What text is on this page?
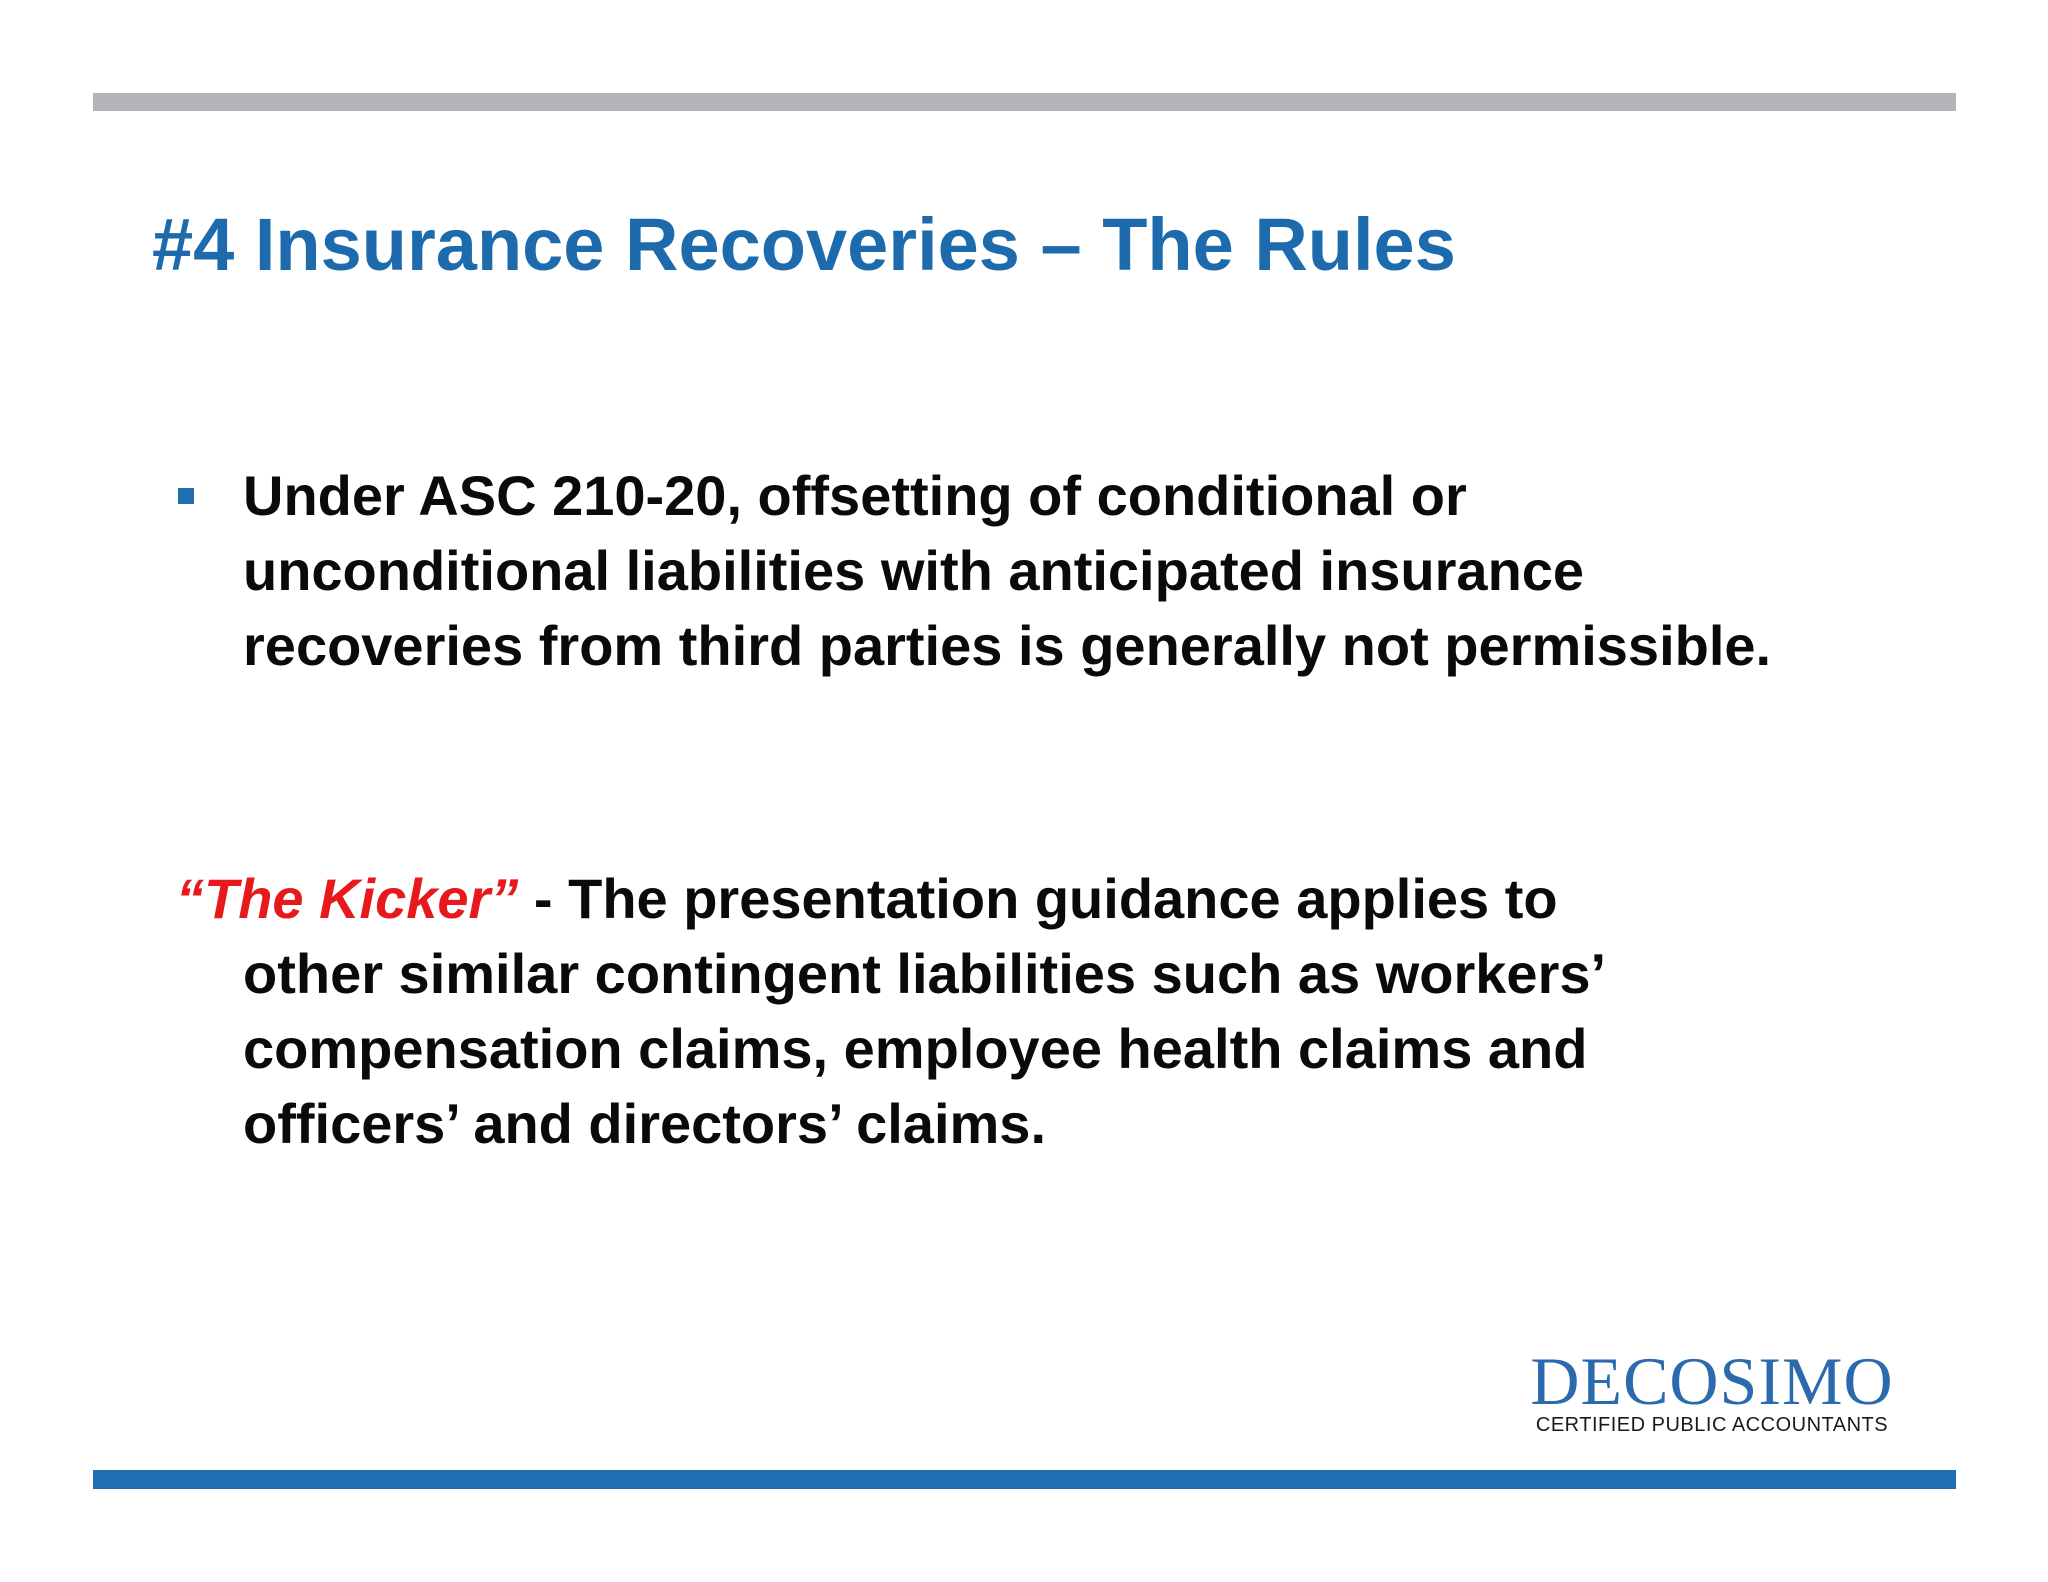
#4 Insurance Recoveries – The Rules
Under ASC 210-20, offsetting of conditional or unconditional liabilities with anticipated insurance recoveries from third parties is generally not permissible.
“The Kicker” - The presentation guidance applies to
other similar contingent liabilities such as workers’ compensation claims, employee health claims and officers’ and directors’ claims.
DECOSIMO
CERTIFIED PUBLIC ACCOUNTANTS
